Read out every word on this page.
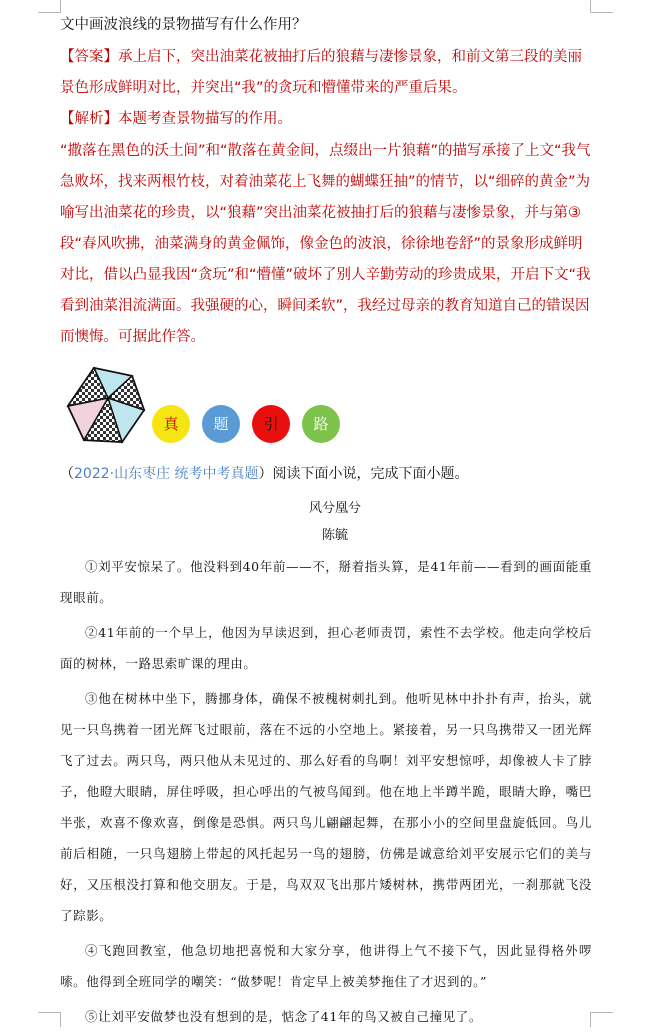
文中画波浪线的景物描写有什么作用？
【答案】承上启下，突出油菜花被抽打后的狼藉与凄惨景象，和前文第三段的美丽景色形成鲜明对比，并突出“我”的贪玩和懵懂带来的严重后果。
【解析】本题考查景物描写的作用。
“撒落在黑色的沃土间”和“散落在黄金间，点缀出一片狼藉”的描写承接了上文“我气急败坏，找来两根竹枝，对着油菜花上飞舞的蝴蝶狂抽”的情节，以“细碎的黄金”为喻写出油菜花的珍贵，以“狼藉”突出油菜花被抽打后的狼藉与凄惨景象，并与第③段“春风吹拂，油菜满身的黄金佩饰，像金色的波浪，徐徐地卷舒”的景象形成鲜明对比，借以凸显我因“贪玩”和“懵懂”破坏了别人辛勤劳动的珍贵成果，开启下文“我看到油菜泪流满面。我强硬的心，瞬间柔软”，我经过母亲的教育知道自己的错误因而懊悔。可据此作答。
真	题	引	路
（2022·山东枣庄 统考中考真题）阅读下面小说，完成下面小题。
风兮凰兮
陈毓

①刘平安惊呆了。他没料到40年前——不，掰着指头算，是41年前——看到的画面能重现眼前。

②41年前的一个早上，他因为早读迟到，担心老师责罚，索性不去学校。他走向学校后面的树林，一路思索旷课的理由。

③他在树林中坐下，腾挪身体，确保不被槐树刺扎到。他听见林中扑扑有声，抬头，就见一只鸟携着一团光辉飞过眼前，落在不远的小空地上。紧接着，另一只鸟携带又一团光辉飞了过去。两只鸟，两只他从未见过的、那么好看的鸟啊！刘平安想惊呼，却像被人卡了脖子，他瞪大眼睛，屏住呼吸，担心呼出的气被鸟闻到。他在地上半蹲半跪，眼睛大睁，嘴巴半张，欢喜不像欢喜，倒像是恐惧。两只鸟儿翩翩起舞，在那小小的空间里盘旋低回。鸟儿前后相随，一只鸟翅膀上带起的风托起另一鸟的翅膀，仿佛是诚意给刘平安展示它们的美与好，又压根没打算和他交朋友。于是，鸟双双飞出那片矮树林，携带两团光，一刹那就飞没了踪影。

④飞跑回教室，他急切地把喜悦和大家分享，他讲得上气不接下气，因此显得格外啰嗦。他得到全班同学的嘲笑：“做梦呢！肯定早上被美梦拖住了才迟到的。”

⑤让刘平安做梦也没有想到的是，惦念了41年的鸟又被自己撞见了。
